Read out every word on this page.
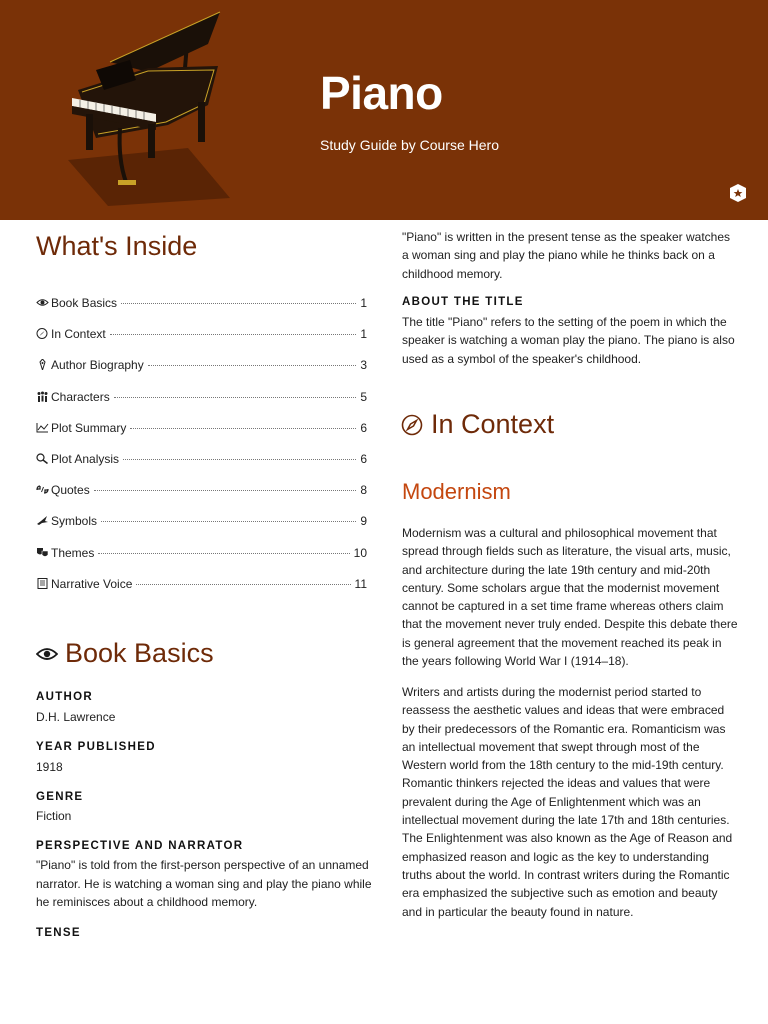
Piano
Study Guide by Course Hero
What's Inside
Book Basics	1
In Context	1
Author Biography	3
Characters	5
Plot Summary	6
Plot Analysis	6
Quotes	8
Symbols	9
Themes	10
Narrative Voice	11
Book Basics
AUTHOR
D.H. Lawrence
YEAR PUBLISHED
1918
GENRE
Fiction
PERSPECTIVE AND NARRATOR
"Piano" is told from the first-person perspective of an unnamed narrator. He is watching a woman sing and play the piano while he reminisces about a childhood memory.
TENSE
"Piano" is written in the present tense as the speaker watches a woman sing and play the piano while he thinks back on a childhood memory.
ABOUT THE TITLE
The title "Piano" refers to the setting of the poem in which the speaker is watching a woman play the piano. The piano is also used as a symbol of the speaker's childhood.
In Context
Modernism
Modernism was a cultural and philosophical movement that spread through fields such as literature, the visual arts, music, and architecture during the late 19th century and mid-20th century. Some scholars argue that the modernist movement cannot be captured in a set time frame whereas others claim that the movement never truly ended. Despite this debate there is general agreement that the movement reached its peak in the years following World War I (1914–18).
Writers and artists during the modernist period started to reassess the aesthetic values and ideas that were embraced by their predecessors of the Romantic era. Romanticism was an intellectual movement that swept through most of the Western world from the 18th century to the mid-19th century. Romantic thinkers rejected the ideas and values that were prevalent during the Age of Enlightenment which was an intellectual movement during the late 17th and 18th centuries. The Enlightenment was also known as the Age of Reason and emphasized reason and logic as the key to understanding truths about the world. In contrast writers during the Romantic era emphasized the subjective such as emotion and beauty and in particular the beauty found in nature.
